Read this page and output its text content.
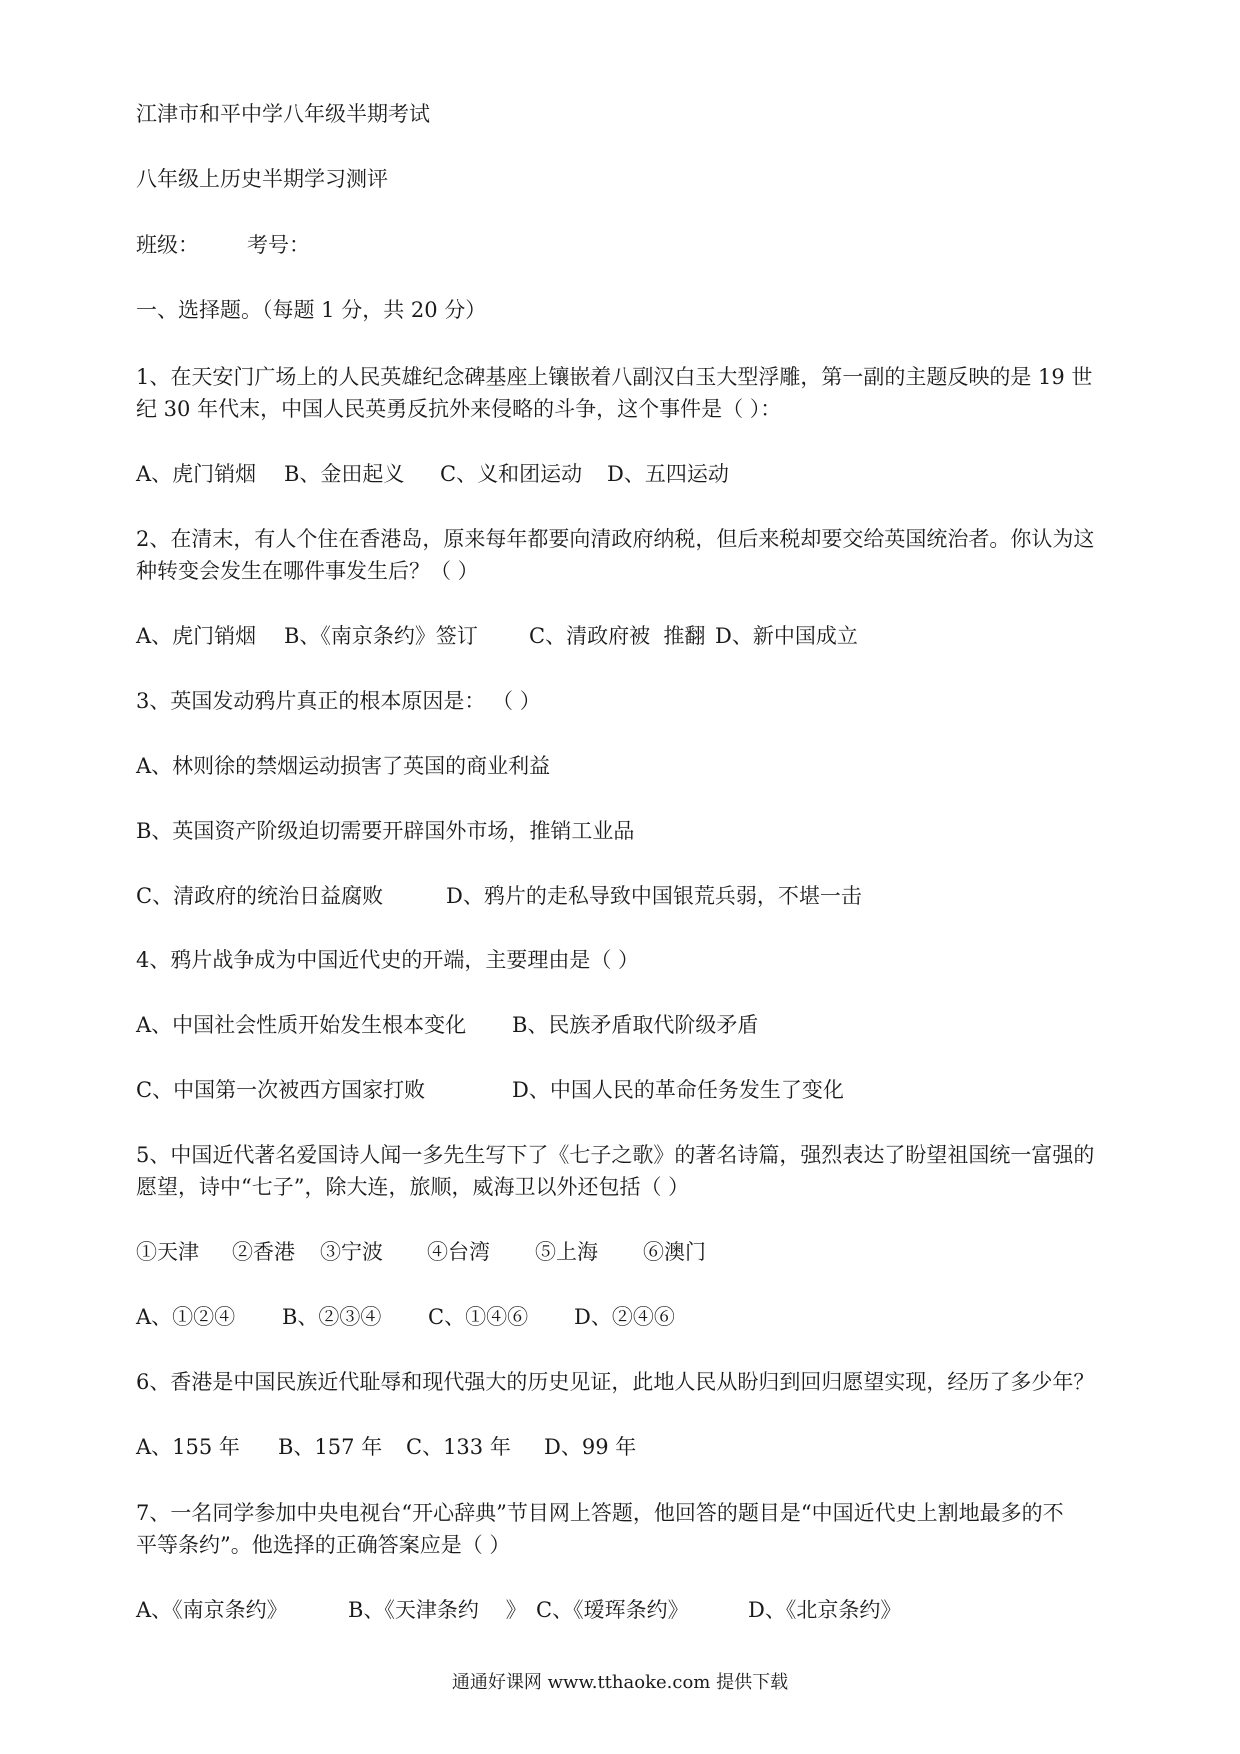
江津市和平中学八年级半期考试
八年级上历史半期学习测评
班级： 考号：
一、选择题。（每题 1 分，共 20 分）
1、在天安门广场上的人民英雄纪念碑基座上镶嵌着八副汉白玉大型浮雕，第一副的主题反映的是 19 世
纪 30 年代末，中国人民英勇反抗外来侵略的斗争，这个事件是（ ）：
A、虎门销烟 B、金田起义 C、义和团运动 D、五四运动
2、在清末，有人个住在香港岛，原来每年都要向清政府纳税，但后来税却要交给英国统治者。你认为这
种转变会发生在哪件事发生后？（ ）
A、虎门销烟 B、《南京条约》签订 C、清政府被  推翻 D、新中国成立
3、英国发动鸦片真正的根本原因是： （ ）
A、林则徐的禁烟运动损害了英国的商业利益
B、英国资产阶级迫切需要开辟国外市场，推销工业品
C、清政府的统治日益腐败	D、鸦片的走私导致中国银荒兵弱，不堪一击
4、鸦片战争成为中国近代史的开端，主要理由是（ ）
A、中国社会性质开始发生根本变化 B、民族矛盾取代阶级矛盾
C、中国第一次被西方国家打败	D、中国人民的革命任务发生了变化
5、中国近代著名爱国诗人闻一多先生写下了《七子之歌》的著名诗篇，强烈表达了盼望祖国统一富强的
愿望，诗中“七子”，除大连，旅顺，威海卫以外还包括（ ）
①天津 ②香港 ③宁波 ④台湾 ⑤上海 ⑥澳门
A、①②④ B、②③④ C、①④⑥ D、②④⑥
6、香港是中国民族近代耻辱和现代强大的历史见证，此地人民从盼归到回归愿望实现，经历了多少年？
A、155 年 B、157 年 C、133 年 D、99 年
7、一名同学参加中央电视台“开心辞典”节目网上答题，他回答的题目是“中国近代史上割地最多的不
平等条约”。他选择的正确答案应是（ ）
A、《南京条约》	B、《天津条约    》 C、《瑷珲条约》	D、《北京条约》
通通好课网 www.tthaoke.com 提供下载
